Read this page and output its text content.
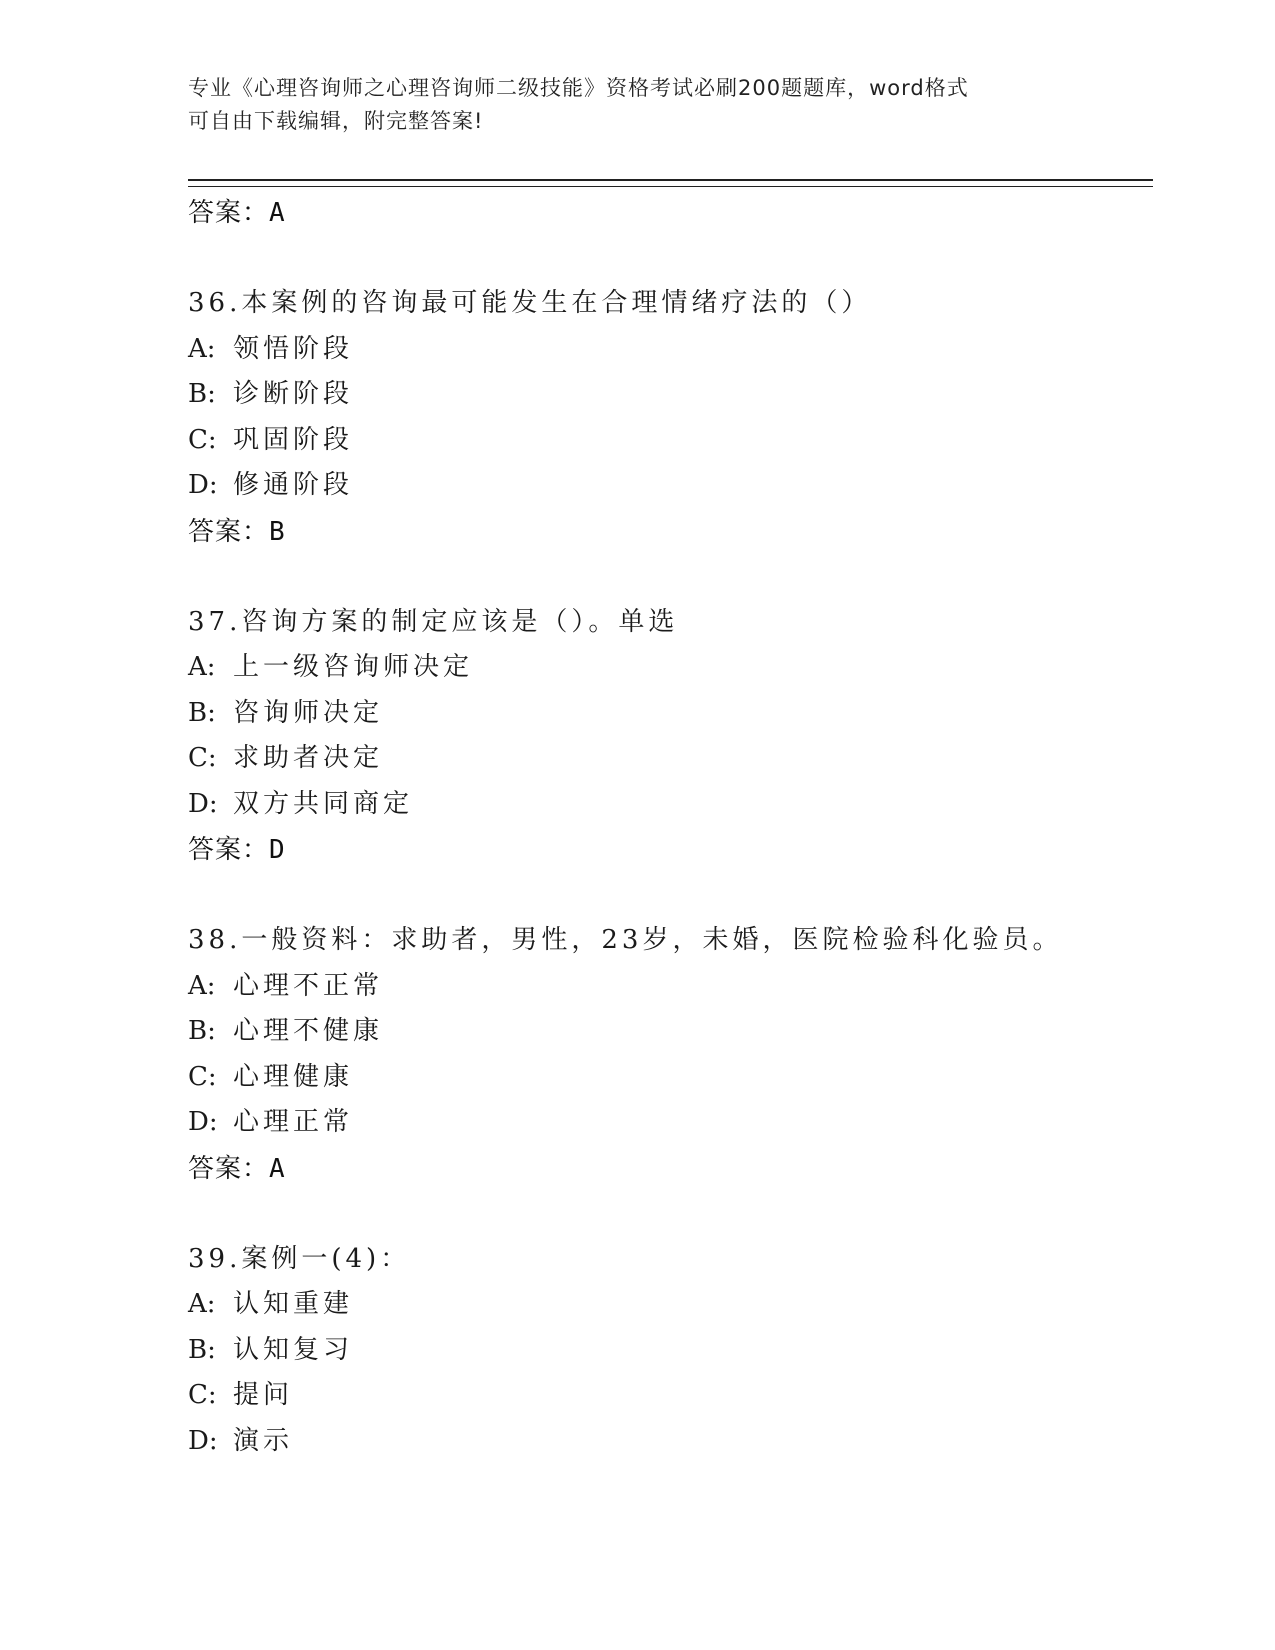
专业《心理咨询师之心理咨询师二级技能》资格考试必刷200题题库，word格式
可自由下载编辑，附完整答案!
答案：A
36.本案例的咨询最可能发生在合理情绪疗法的（）
A: 领悟阶段
B: 诊断阶段
C: 巩固阶段
D: 修通阶段
答案：B
37.咨询方案的制定应该是（）。单选
A: 上一级咨询师决定
B: 咨询师决定
C: 求助者决定
D: 双方共同商定
答案：D
38.一般资料：求助者，男性，23岁，未婚，医院检验科化验员。
A: 心理不正常
B: 心理不健康
C: 心理健康
D: 心理正常
答案：A
39.案例一(4)：
A: 认知重建
B: 认知复习
C: 提问
D: 演示
